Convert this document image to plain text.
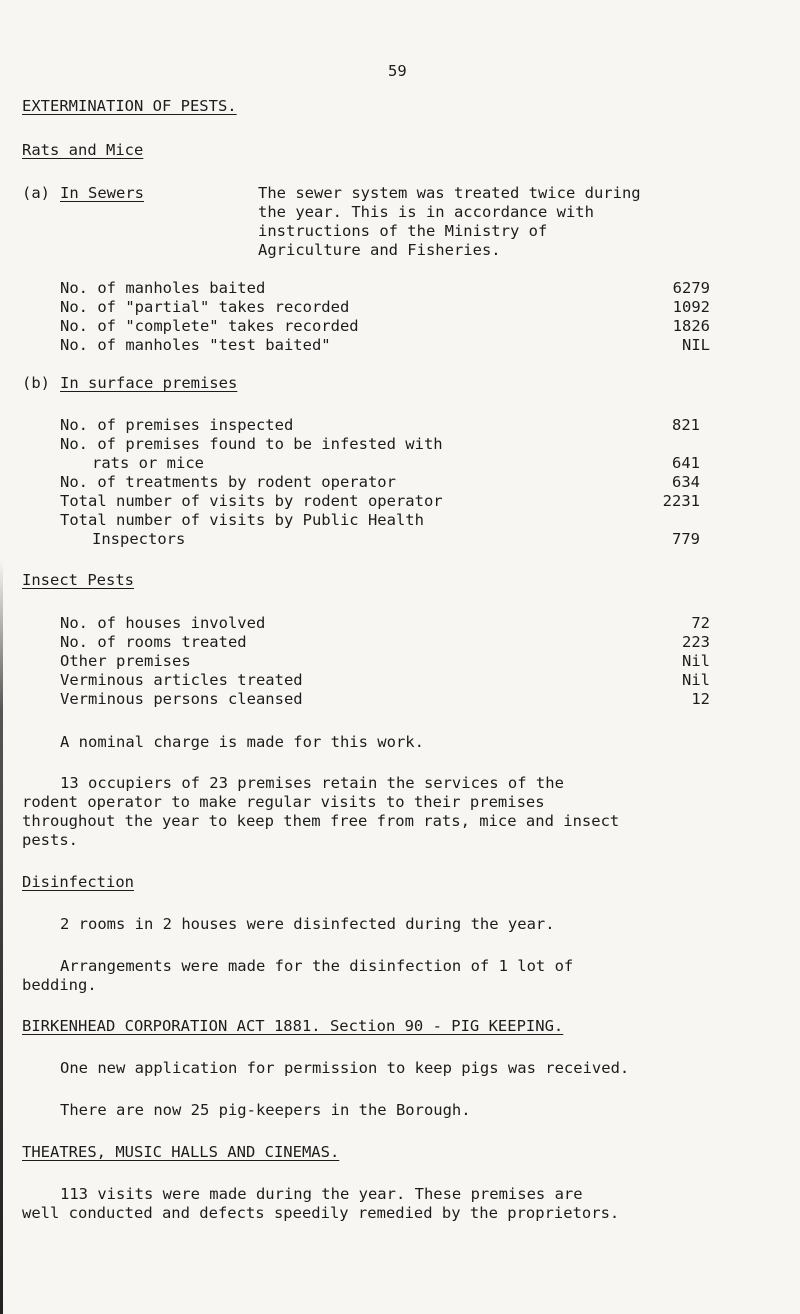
59
EXTERMINATION OF PESTS.
Rats and Mice
(a) In Sewers	The sewer system was treated twice during
the year. This is in accordance with
instructions of the Ministry of
Agriculture and Fisheries.
No. of manholes baited	6279
No. of "partial" takes recorded	1092
No. of "complete" takes recorded	1826
No. of manholes "test baited"	NIL
(b) In surface premises
No. of premises inspected	821
No. of premises found to be infested with
rats or mice	641
No. of treatments by rodent operator	634
Total number of visits by rodent operator	2231
Total number of visits by Public Health
Inspectors	779
Insect Pests
No. of houses involved	72
No. of rooms treated	223
Other premises	Nil
Verminous articles treated	Nil
Verminous persons cleansed	12
A nominal charge is made for this work.
13 occupiers of 23 premises retain the services of the
rodent operator to make regular visits to their premises
throughout the year to keep them free from rats, mice and insect
pests.
Disinfection
2 rooms in 2 houses were disinfected during the year.
Arrangements were made for the disinfection of 1 lot of
bedding.
BIRKENHEAD CORPORATION ACT 1881. Section 90 - PIG KEEPING.
One new application for permission to keep pigs was received.
There are now 25 pig-keepers in the Borough.
THEATRES, MUSIC HALLS AND CINEMAS.
113 visits were made during the year. These premises are
well conducted and defects speedily remedied by the proprietors.
